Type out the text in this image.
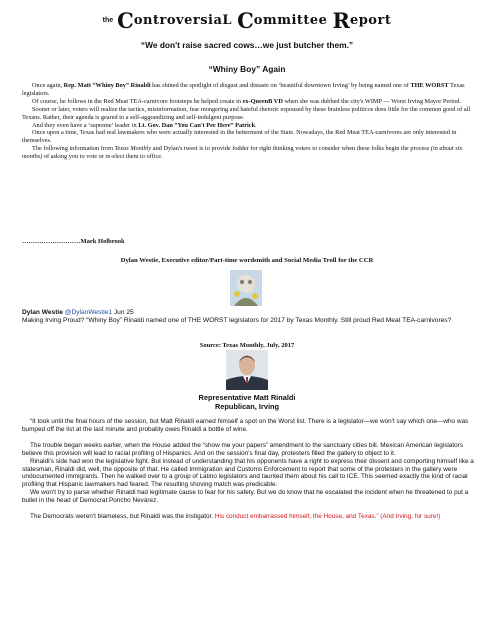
the ControversiaL Committee Report
“We don't raise sacred cows…we just butcher them.”
“Whiny Boy” Again

Once again, Rep. Matt “Whiny Boy” Rinaldi has shined the spotlight of disgust and distaste on ‘beautiful downtown Irving’ by being named one of THE WORST Texas legislators.

Of course, he follows in the Red Meat TEA-carnivore footsteps he helped create in ex-QueenB VD when she was dubbed the city's WIMP — Worst Irving Mayor Period.

Sooner or later, voters will realize the tactics, misinformation, fear mongering and hateful rhetoric espoused by these brainless politicos does little for the common good of all Texans. Rather, their agenda is geared to a self-aggrandizing and self-indulgent purpose.

And they even have a ‘supreme’ leader in Lt. Gov. Dan “You Can't Pee Here” Patrick.

Once upon a time, Texas had real lawmakers who were actually interested in the betterment of the State. Nowadays, the Red Meat TEA-carnivores are only interested in themselves.

The following information from Texas Monthly and Dylan's tweet is to provide fodder for right thinking voters to consider when these folks begin the process (in about six months) of asking you to vote or re-elect them to office.

………………………Mark Holbrook
Dylan Westie, Executive editor/Part-time wordsmith and Social Media Troll for the CCR
Dylan Westie @DylanWestie1 Jun 25
Making Irving Proud? “Whiny Boy” Rinaldi named one of THE WORST legislators for 2017 by Texas Monthly. Still proud Red Meat TEA-carnivores?
Source: Texas Monthly, July, 2017
Representative Matt Rinaldi
Republican, Irving

“It took until the final hours of the session, but Matt Rinaldi earned himself a spot on the Worst list. There is a legislator—we won't say which one—who was bumped off the list at the last minute and probably owes Rinaldi a bottle of wine.

The trouble began weeks earlier, when the House added the “show me your papers” amendment to the sanctuary cities bill. Mexican American legislators believe this provision will lead to racial profiling of Hispanics. And on the session's final day, protesters filled the gallery to object to it.

Rinaldi's side had won the legislative fight. But instead of understanding that his opponents have a right to express their dissent and comporting himself like a statesman, Rinaldi did, well, the opposite of that. He called Immigration and Customs Enforcement to report that some of the protesters in the gallery were undocumented immigrants. Then he walked over to a group of Latino legislators and taunted them about his call to ICE. This seemed exactly the kind of racial profiling that Hispanic lawmakers had feared. The resulting shoving match was predicable.

We won't try to parse whether Rinaldi had legitimate cause to fear for his safety. But we do know that he escalated the incident when he threatened to put a bullet in the head of Democrat Poncho Nevárez.

The Democrats weren't blameless, but Rinaldi was the instigator. His conduct embarrassed himself, the House, and Texas.” (And Irving, for sure!)
